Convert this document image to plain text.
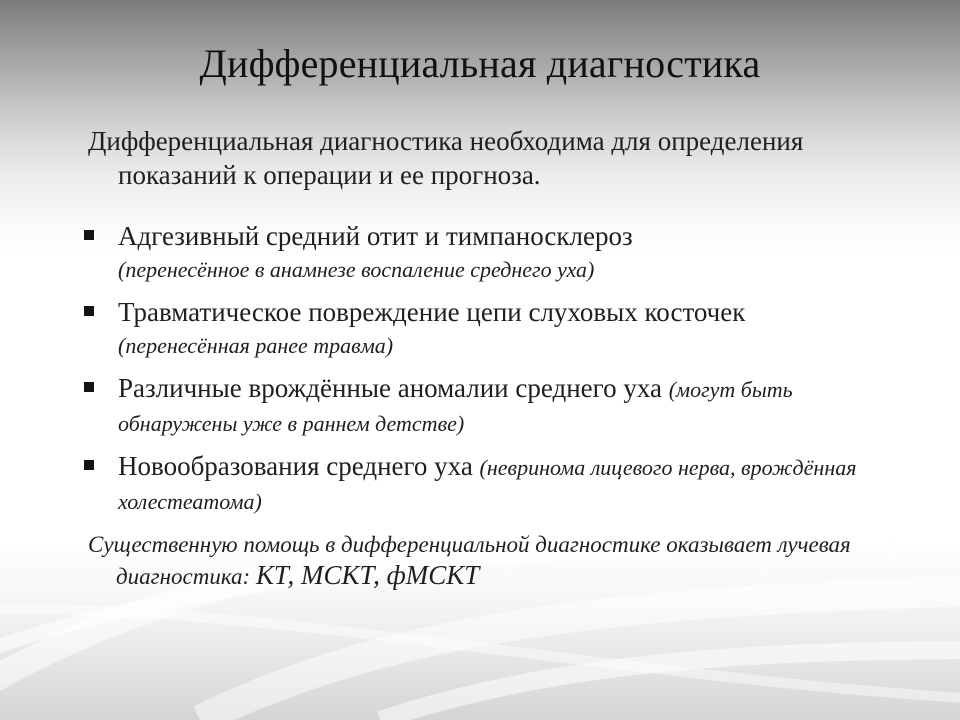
Дифференциальная диагностика
Дифференциальная диагностика необходима для определения показаний к операции и ее прогноза.
Адгезивный средний отит и тимпаносклероз
(перенесённое в анамнезе воспаление среднего уха)
Травматическое повреждение цепи слуховых косточек
(перенесённая ранее травма)
Различные врождённые аномалии среднего уха (могут быть обнаружены уже в раннем детстве)
Новообразования среднего уха (невринома лицевого нерва, врождённая холестеатома)
Существенную помощь в дифференциальной диагностике оказывает лучевая диагностика: КТ, МСКТ, фМСКТ
